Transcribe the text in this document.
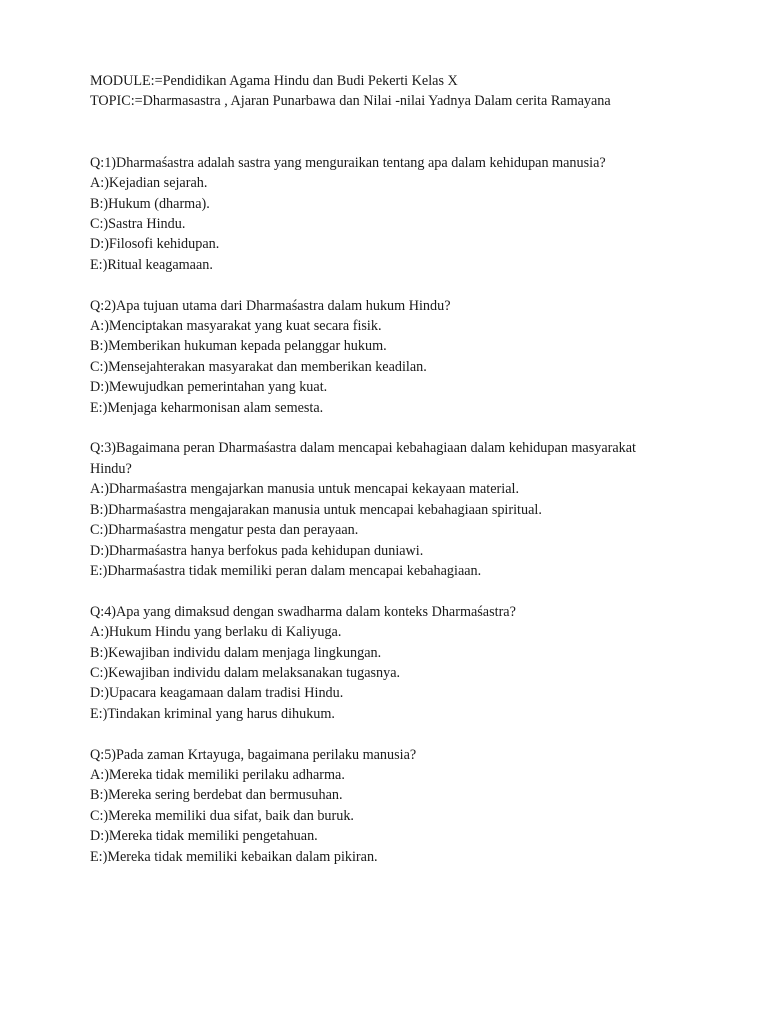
MODULE:=Pendidikan Agama Hindu dan Budi Pekerti Kelas X
TOPIC:=Dharmasastra , Ajaran Punarbawa dan Nilai -nilai Yadnya Dalam cerita Ramayana
Q:1)Dharmaśastra adalah sastra yang menguraikan tentang apa dalam kehidupan manusia?
A:)Kejadian sejarah.
B:)Hukum (dharma).
C:)Sastra Hindu.
D:)Filosofi kehidupan.
E:)Ritual keagamaan.
Q:2)Apa tujuan utama dari Dharmaśastra dalam hukum Hindu?
A:)Menciptakan masyarakat yang kuat secara fisik.
B:)Memberikan hukuman kepada pelanggar hukum.
C:)Mensejahterakan masyarakat dan memberikan keadilan.
D:)Mewujudkan pemerintahan yang kuat.
E:)Menjaga keharmonisan alam semesta.
Q:3)Bagaimana peran Dharmaśastra dalam mencapai kebahagiaan dalam kehidupan masyarakat Hindu?
A:)Dharmaśastra mengajarkan manusia untuk mencapai kekayaan material.
B:)Dharmaśastra mengajarakan manusia untuk mencapai kebahagiaan spiritual.
C:)Dharmaśastra mengatur pesta dan perayaan.
D:)Dharmaśastra hanya berfokus pada kehidupan duniawi.
E:)Dharmaśastra tidak memiliki peran dalam mencapai kebahagiaan.
Q:4)Apa yang dimaksud dengan swadharma dalam konteks Dharmaśastra?
A:)Hukum Hindu yang berlaku di Kaliyuga.
B:)Kewajiban individu dalam menjaga lingkungan.
C:)Kewajiban individu dalam melaksanakan tugasnya.
D:)Upacara keagamaan dalam tradisi Hindu.
E:)Tindakan kriminal yang harus dihukum.
Q:5)Pada zaman Krtayuga, bagaimana perilaku manusia?
A:)Mereka tidak memiliki perilaku adharma.
B:)Mereka sering berdebat dan bermusuhan.
C:)Mereka memiliki dua sifat, baik dan buruk.
D:)Mereka tidak memiliki pengetahuan.
E:)Mereka tidak memiliki kebaikan dalam pikiran.
